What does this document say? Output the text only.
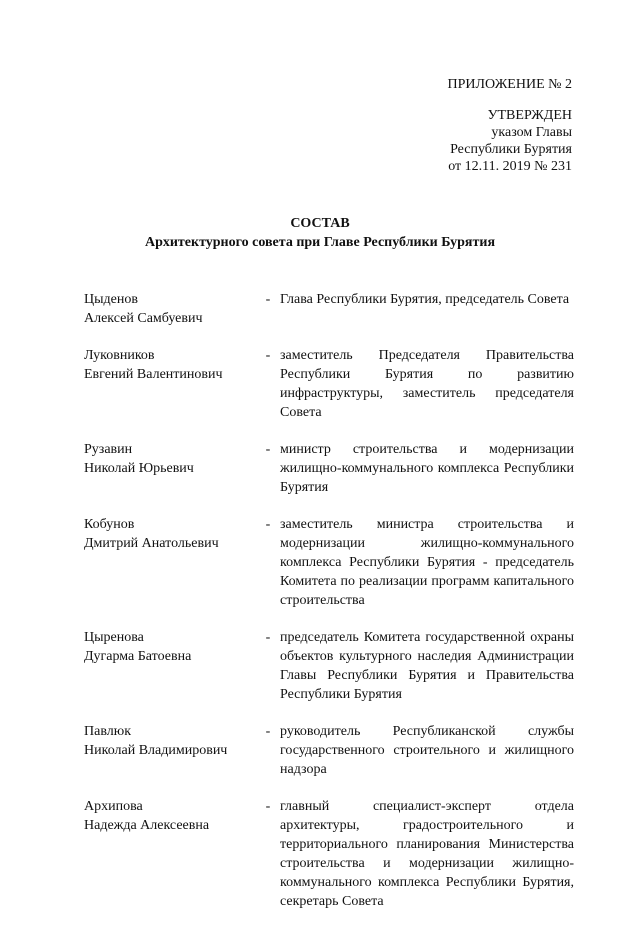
ПРИЛОЖЕНИЕ № 2
УТВЕРЖДЕН
указом Главы
Республики Бурятия
от 12.11. 2019 № 231
СОСТАВ
Архитектурного совета при Главе Республики Бурятия
Цыденов
Алексей Самбуевич
- Глава Республики Бурятия, председатель Совета
Луковников
Евгений Валентинович
- заместитель Председателя Правительства Республики Бурятия по развитию инфраструктуры, заместитель председателя Совета
Рузавин
Николай Юрьевич
- министр строительства и модернизации жилищно-коммунального комплекса Республики Бурятия
Кобунов
Дмитрий Анатольевич
- заместитель министра строительства и модернизации жилищно-коммунального комплекса Республики Бурятия - председатель Комитета по реализации программ капитального строительства
Цыренова
Дугарма Батоевна
- председатель Комитета государственной охраны объектов культурного наследия Администрации Главы Республики Бурятия и Правительства Республики Бурятия
Павлюк
Николай Владимирович
- руководитель Республиканской службы государственного строительного и жилищного надзора
Архипова
Надежда Алексеевна
- главный специалист-эксперт отдела архитектуры, градостроительного и территориального планирования Министерства строительства и модернизации жилищно-коммунального комплекса Республики Бурятия, секретарь Совета
